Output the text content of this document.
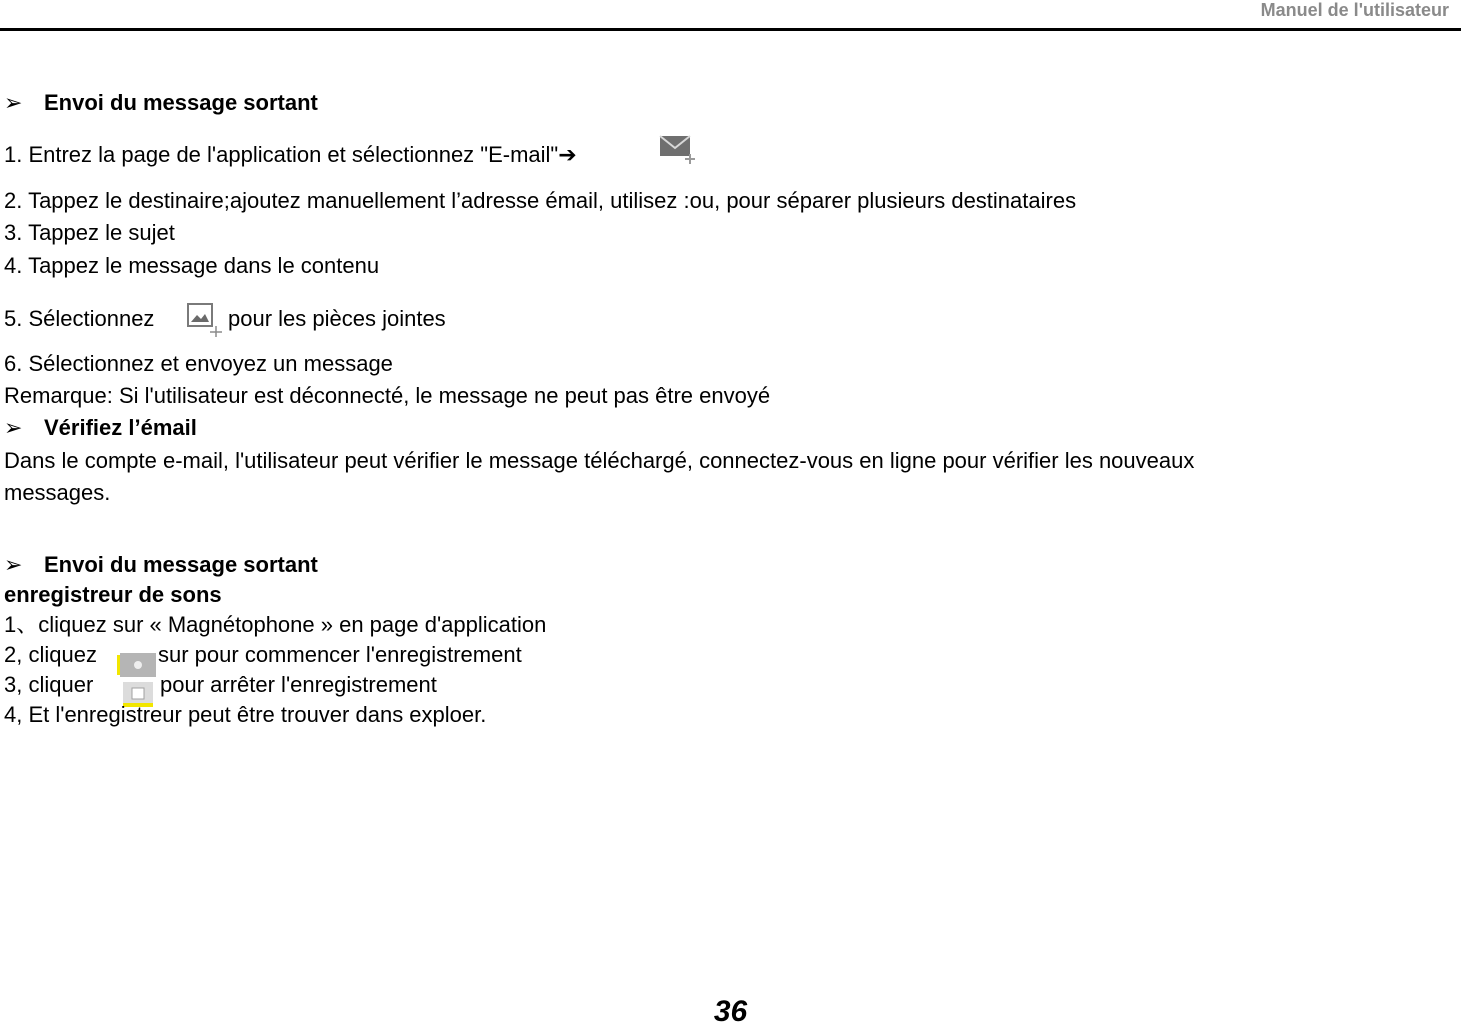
Manuel de l'utilisateur
➢ Envoi du message sortant
1. Entrez la page de l'application et sélectionnez "E-mail"➔
2. Tappez le destinaire;ajoutez manuellement l’adresse émail, utilisez :ou, pour séparer plusieurs destinataires
3. Tappez le sujet
4. Tappez le message dans le contenu
5. Sélectionnez	pour les pièces jointes
6. Sélectionnez et envoyez un message
Remarque: Si l'utilisateur est déconnecté, le message ne peut pas être envoyé
➢ Vérifiez l’émail
Dans le compte e-mail, l'utilisateur peut vérifier le message téléchargé, connectez-vous en ligne pour vérifier les nouveaux
messages.
➢ Envoi du message sortant
enregistreur de sons
1、cliquez sur « Magnétophone » en page d'application
2, cliquez	sur pour commencer l'enregistrement
3, cliquer	pour arrêter l'enregistrement
4, Et l'enregistreur peut être trouver dans exploer.
36
